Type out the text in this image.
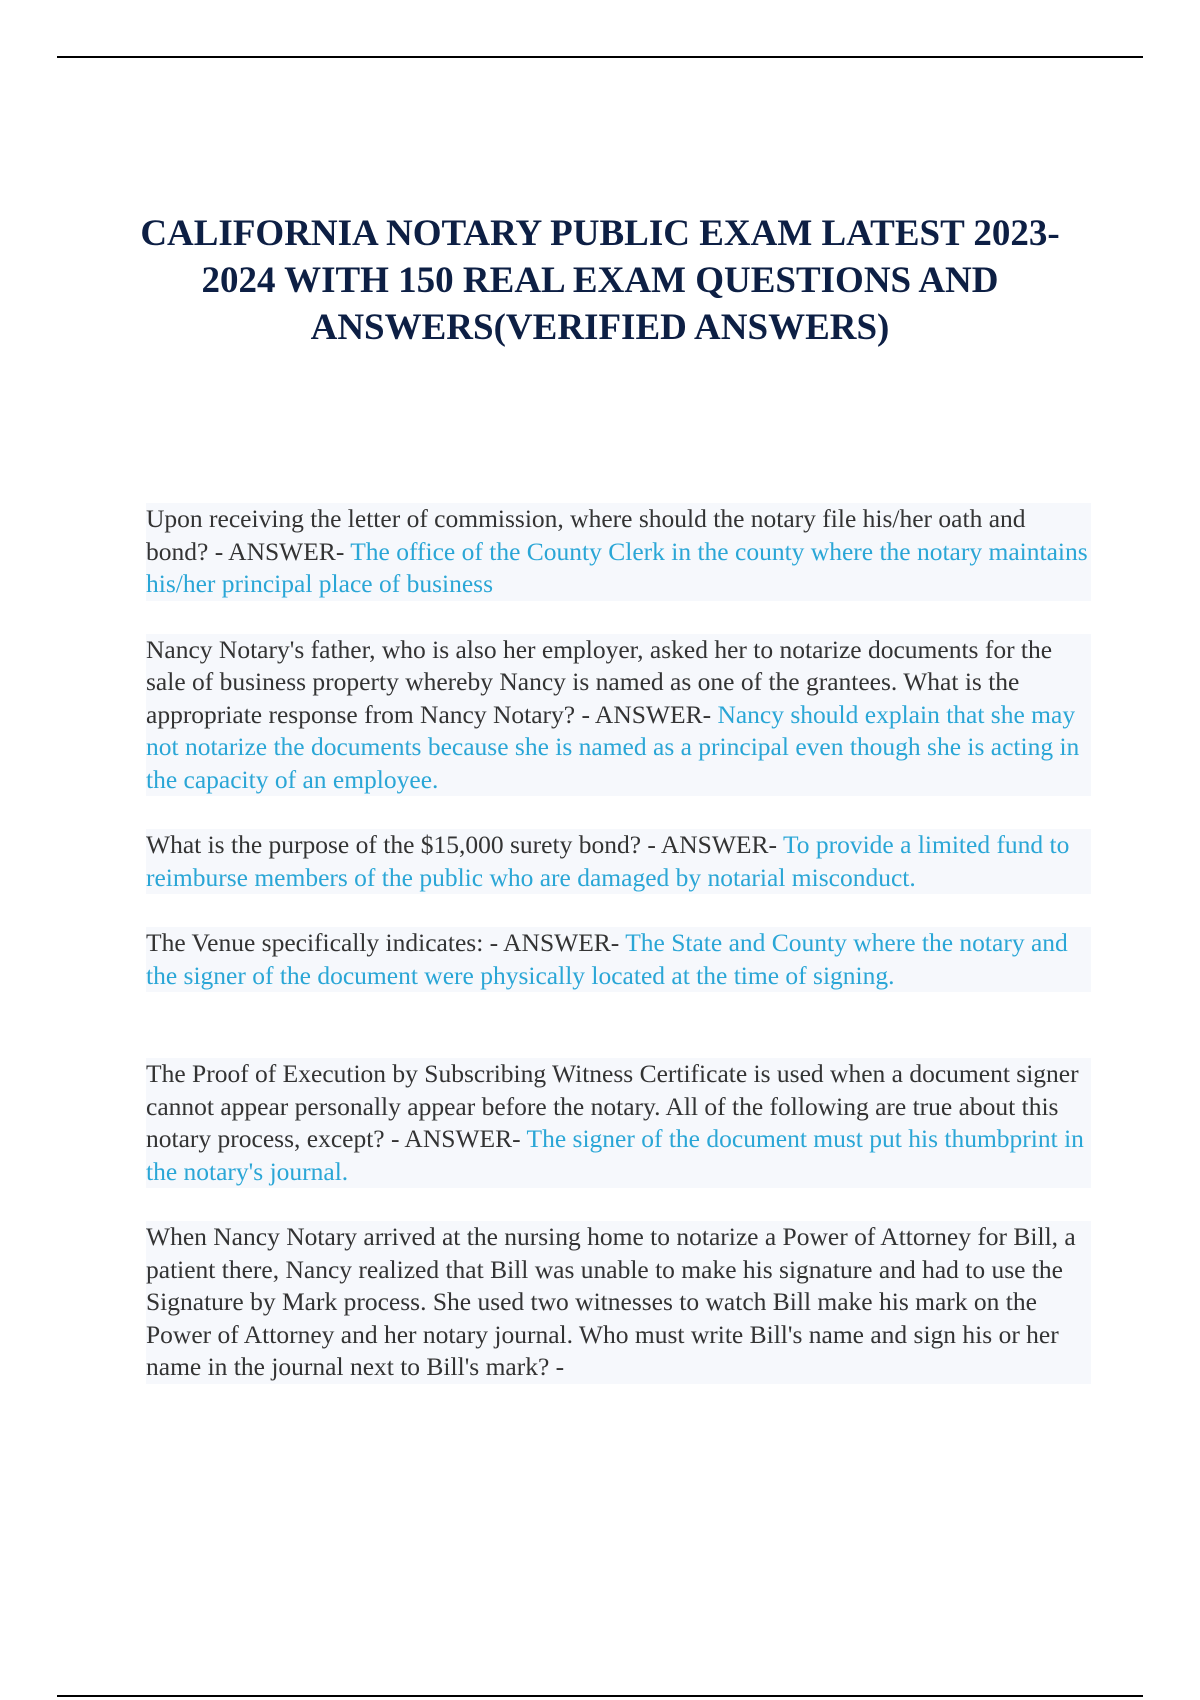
CALIFORNIA NOTARY PUBLIC EXAM LATEST 2023-2024 WITH 150 REAL EXAM QUESTIONS AND ANSWERS(VERIFIED ANSWERS)

Upon receiving the letter of commission, where should the notary file his/her oath and bond? - ANSWER- The office of the County Clerk in the county where the notary maintains his/her principal place of business

Nancy Notary's father, who is also her employer, asked her to notarize documents for the sale of business property whereby Nancy is named as one of the grantees. What is the appropriate response from Nancy Notary? - ANSWER- Nancy should explain that she may not notarize the documents because she is named as a principal even though she is acting in the capacity of an employee.

What is the purpose of the $15,000 surety bond? - ANSWER- To provide a limited fund to reimburse members of the public who are damaged by notarial misconduct.

The Venue specifically indicates: - ANSWER- The State and County where the notary and the signer of the document were physically located at the time of signing.

The Proof of Execution by Subscribing Witness Certificate is used when a document signer cannot appear personally appear before the notary. All of the following are true about this notary process, except? - ANSWER- The signer of the document must put his thumbprint in the notary's journal.

When Nancy Notary arrived at the nursing home to notarize a Power of Attorney for Bill, a patient there, Nancy realized that Bill was unable to make his signature and had to use the Signature by Mark process. She used two witnesses to watch Bill make his mark on the Power of Attorney and her notary journal. Who must write Bill's name and sign his or her name in the journal next to Bill's mark? -
